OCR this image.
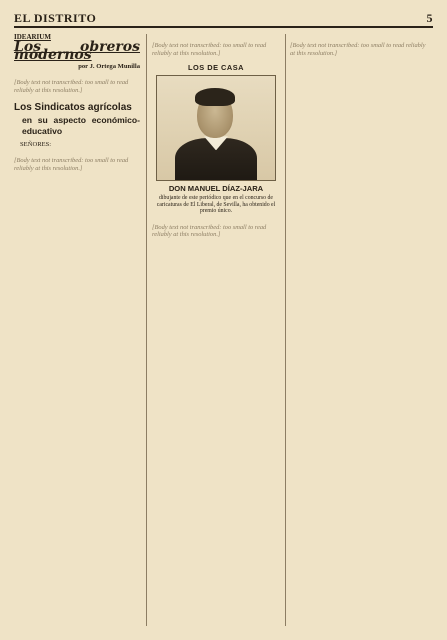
EL DISTRITO	5
IDEARIUM
Los obreros modernos
por J. Ortega Munilla

[Body text not transcribed: too small to read reliably at this resolution.]

Los Sindicatos agrícolas
en su aspecto económico-educativo
SEÑORES:

[Body text not transcribed: too small to read reliably at this resolution.]

[Body text not transcribed: too small to read reliably at this resolution.]

LOS DE CASA
DON MANUEL DÍAZ-JARA
dibujante de este periódico que en el concurso de caricaturas de El Liberal, de Sevilla, ha obtenido el premio único.

[Body text not transcribed: too small to read reliably at this resolution.]

[Body text not transcribed: too small to read reliably at this resolution.]
